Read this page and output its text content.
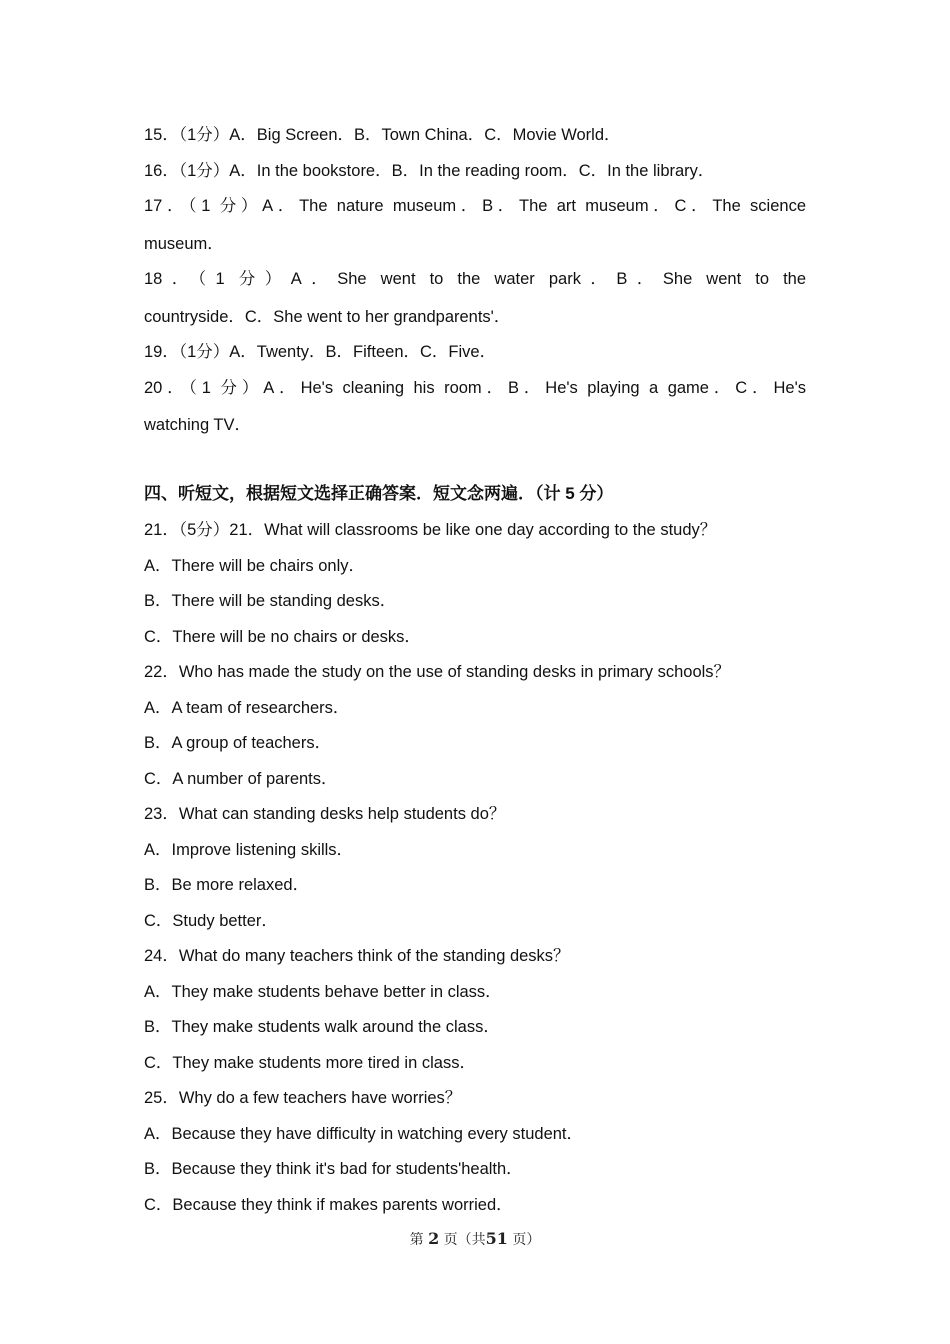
15．（1分）A．Big Screen．B．Town China．C．Movie World．
16．（1分）A．In the bookstore．B．In the reading room．C．In the library．
17．（1 分）A．The nature museum．B．The art museum．C．The science
museum．
18．（1 分）A．She went to the water park．B．She went to the
countryside．C．She went to her grandparents'．
19．（1分）A．Twenty．B．Fifteen．C．Five．
20．（1 分）A．He's cleaning his room．B．He's playing a game．C．He's
watching TV．
四、听短文，根据短文选择正确答案．短文念两遍．（计 5 分）
21．（5分）21．What will classrooms be like one day according to the study？
A．There will be chairs only．
B．There will be standing desks．
C．There will be no chairs or desks．
22．Who has made the study on the use of standing desks in primary schools？
A．A team of researchers．
B．A group of teachers．
C．A number of parents．
23．What can standing desks help students do？
A．Improve listening skills．
B．Be more relaxed．
C．Study better．
24．What do many teachers think of the standing desks？
A．They make students behave better in class．
B．They make students walk around the class．
C．They make students more tired in class．
25．Why do a few teachers have worries？
A．Because they have difficulty in watching every student．
B．Because they think it's bad for students'health．
C．Because they think if makes parents worried．
第 2 页（共51 页）
